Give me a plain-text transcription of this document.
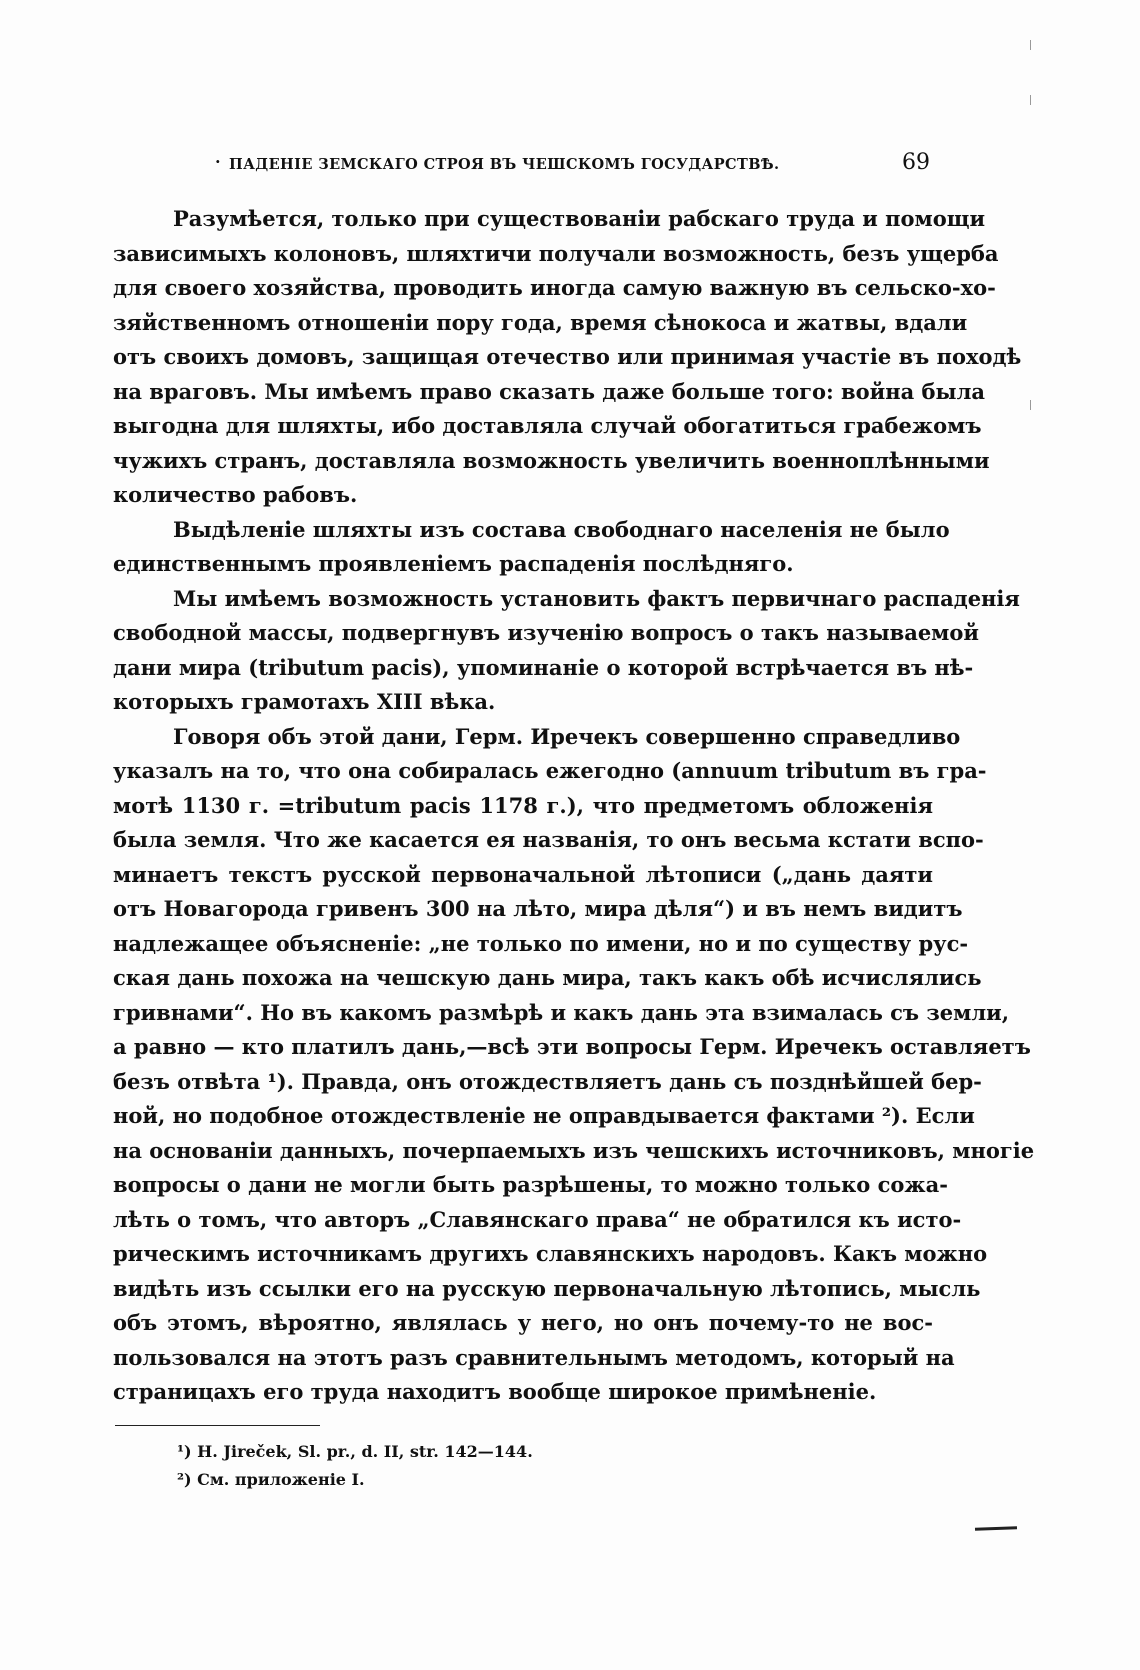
· ПАДЕНІЕ ЗЕМСКАГО СТРОЯ ВЪ ЧЕШСКОМЪ ГОСУДАРСТВѢ.	69
Разумѣется, только при существованіи рабскаго труда и помощи
зависимыхъ колоновъ, шляхтичи получали возможность, безъ ущерба
для своего хозяйства, проводить иногда самую важную въ сельско-хо-
зяйственномъ отношеніи пору года, время сѣнокоса и жатвы, вдали
отъ своихъ домовъ, защищая отечество или принимая участіе въ походѣ
на враговъ. Мы имѣемъ право сказать даже больше того: война была
выгодна для шляхты, ибо доставляла случай обогатиться грабежомъ
чужихъ странъ, доставляла возможность увеличить военноплѣнными
количество рабовъ.
Выдѣленіе шляхты изъ состава свободнаго населенія не было
единственнымъ проявленіемъ распаденія послѣдняго.
Мы имѣемъ возможность установить фактъ первичнаго распаденія
свободной массы, подвергнувъ изученію вопросъ о такъ называемой
дани мира (tributum pacis), упоминаніе о которой встрѣчается въ нѣ-
которыхъ грамотахъ XIII вѣка.
Говоря объ этой дани, Герм. Иречекъ совершенно справедливо
указалъ на то, что она собиралась ежегодно (annuum tributum въ гра-
мотѣ 1130 г. =tributum pacis 1178 г.), что предметомъ обложенія
была земля. Что же касается ея названія, то онъ весьма кстати вспо-
минаетъ текстъ русской первоначальной лѣтописи („дань даяти
отъ Новагорода гривенъ 300 на лѣто, мира дѣля“) и въ немъ видитъ
надлежащее объясненіе: „не только по имени, но и по существу рус-
ская дань похожа на чешскую дань мира, такъ какъ обѣ исчислялись
гривнами“. Но въ какомъ размѣрѣ и какъ дань эта взималась съ земли,
а равно — кто платилъ дань,—всѣ эти вопросы Герм. Иречекъ оставляетъ
безъ отвѣта ¹). Правда, онъ отождествляетъ дань съ позднѣйшей бер-
ной, но подобное отождествленіе не оправдывается фактами ²). Если
на основаніи данныхъ, почерпаемыхъ изъ чешскихъ источниковъ, многіе
вопросы о дани не могли быть разрѣшены, то можно только сожа-
лѣть о томъ, что авторъ „Славянскаго права“ не обратился къ исто-
рическимъ источникамъ другихъ славянскихъ народовъ. Какъ можно
видѣть изъ ссылки его на русскую первоначальную лѣтопись, мысль
объ этомъ, вѣроятно, являлась у него, но онъ почему-то не вос-
пользовался на этотъ разъ сравнительнымъ методомъ, который на
страницахъ его труда находитъ вообще широкое примѣненіе.
¹) H. Jireček, Sl. pr., d. II, str. 142—144.
²) См. приложеніе I.
